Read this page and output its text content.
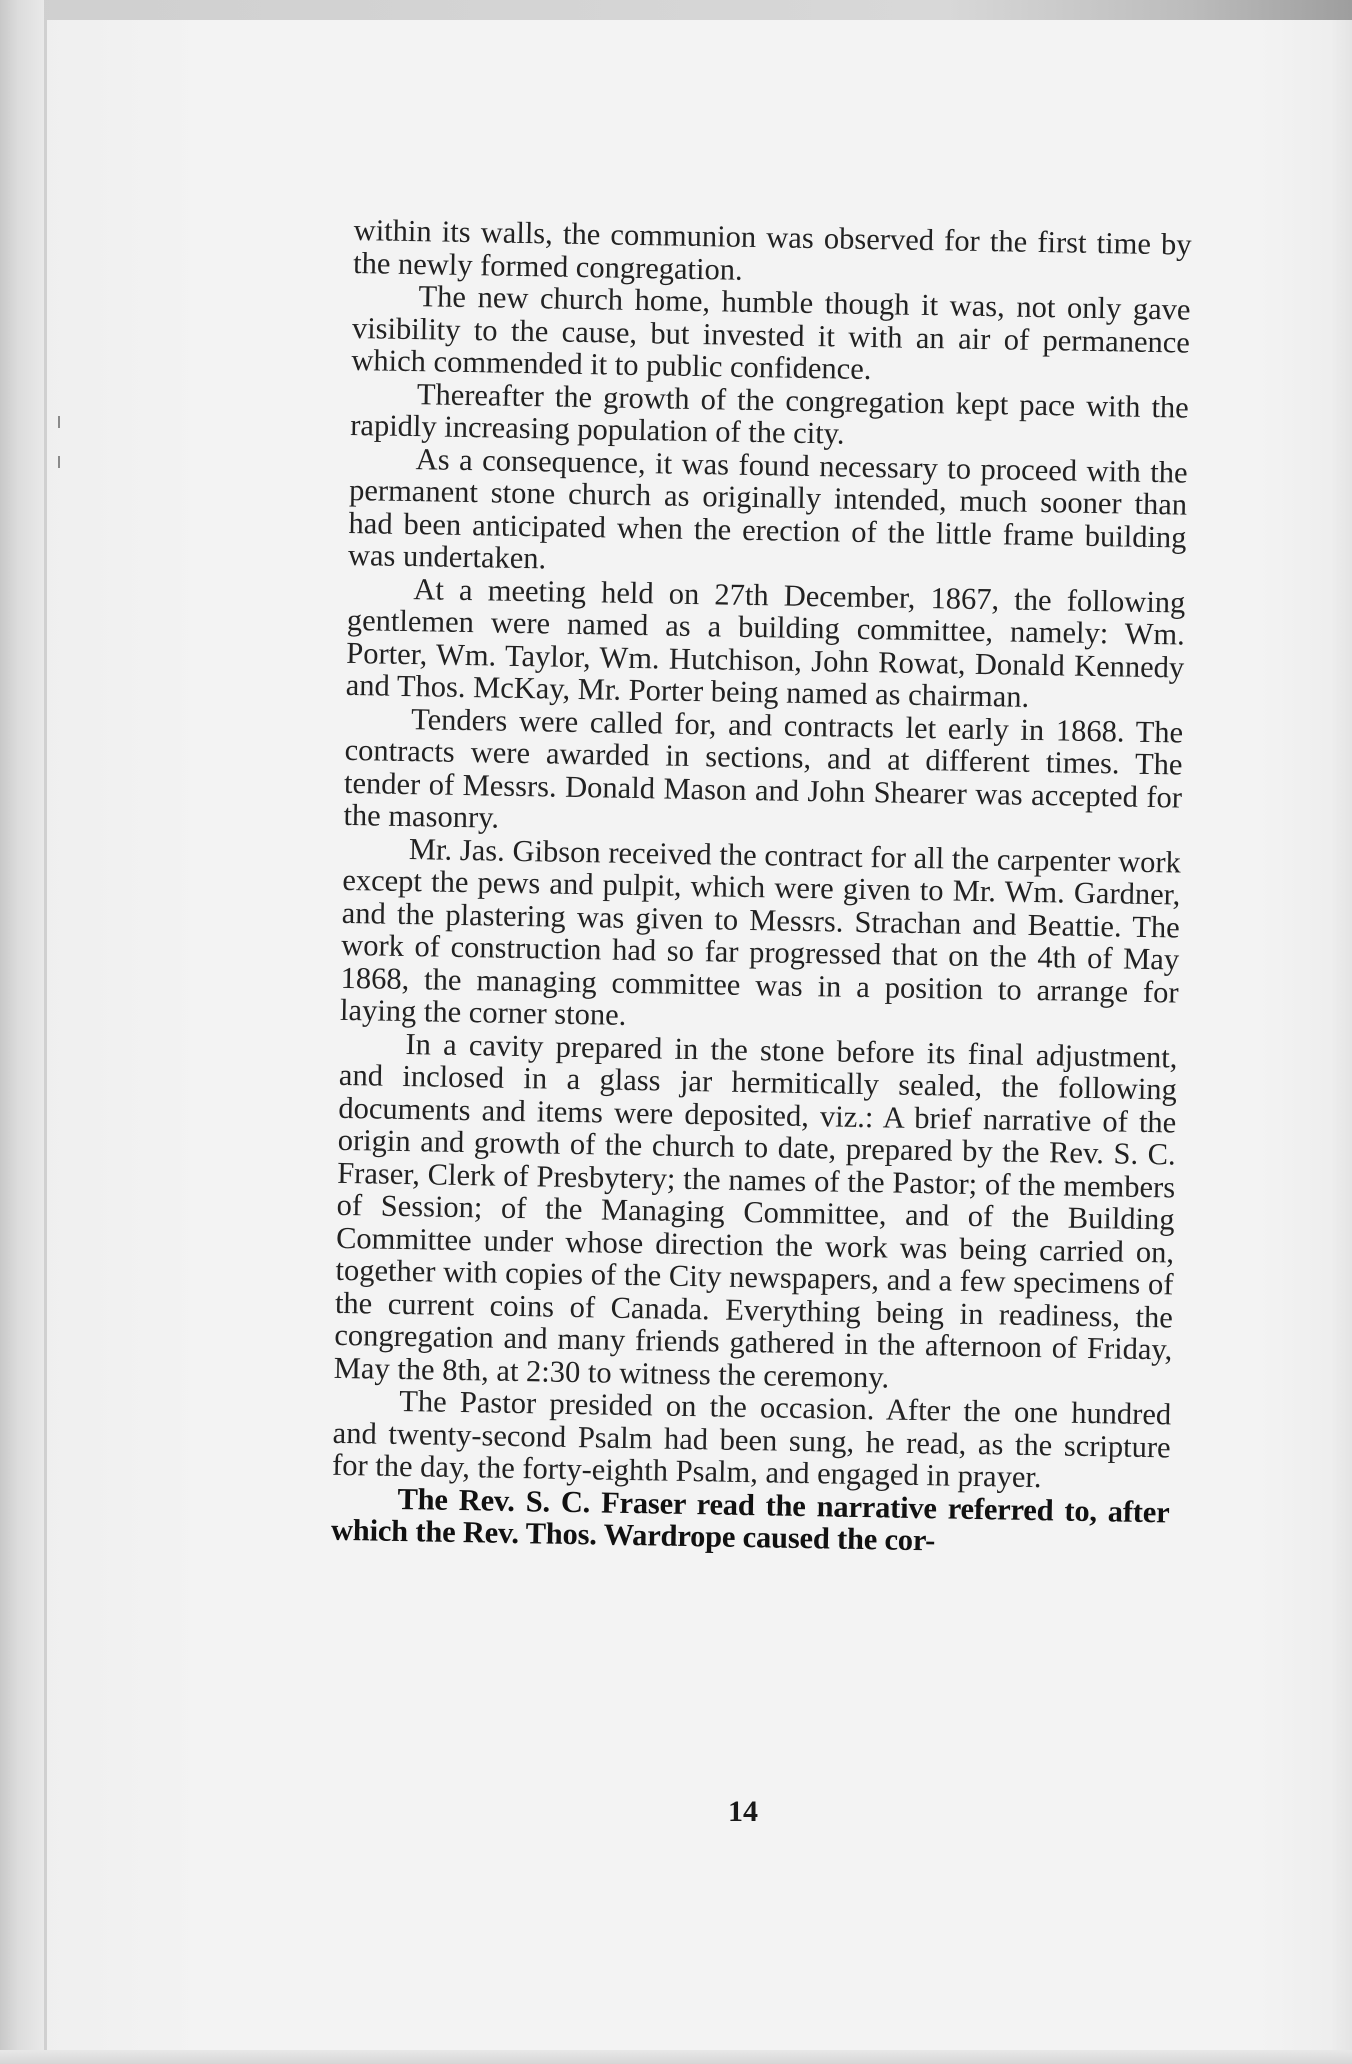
within its walls, the communion was observed for the first time by the newly formed congregation.

The new church home, humble though it was, not only gave visibility to the cause, but invested it with an air of permanence which commended it to public confidence.

Thereafter the growth of the congregation kept pace with the rapidly increasing population of the city.

As a consequence, it was found necessary to proceed with the permanent stone church as originally intended, much sooner than had been anticipated when the erection of the little frame building was undertaken.

At a meeting held on 27th December, 1867, the following gentlemen were named as a building committee, namely: Wm. Porter, Wm. Taylor, Wm. Hutchison, John Rowat, Donald Kennedy and Thos. McKay, Mr. Porter being named as chairman.

Tenders were called for, and contracts let early in 1868. The contracts were awarded in sections, and at different times. The tender of Messrs. Donald Mason and John Shearer was accepted for the masonry.

Mr. Jas. Gibson received the contract for all the carpenter work except the pews and pulpit, which were given to Mr. Wm. Gardner, and the plastering was given to Messrs. Strachan and Beattie. The work of construction had so far progressed that on the 4th of May 1868, the managing committee was in a position to arrange for laying the corner stone.

In a cavity prepared in the stone before its final adjustment, and inclosed in a glass jar hermitically sealed, the following documents and items were deposited, viz.: A brief narrative of the origin and growth of the church to date, prepared by the Rev. S. C. Fraser, Clerk of Presbytery; the names of the Pastor; of the members of Session; of the Managing Committee, and of the Building Committee under whose direction the work was being carried on, together with copies of the City newspapers, and a few specimens of the current coins of Canada. Everything being in readiness, the congregation and many friends gathered in the afternoon of Friday, May the 8th, at 2:30 to witness the ceremony.

The Pastor presided on the occasion. After the one hundred and twenty-second Psalm had been sung, he read, as the scripture for the day, the forty-eighth Psalm, and engaged in prayer.

The Rev. S. C. Fraser read the narrative referred to, after which the Rev. Thos. Wardrope caused the cor-

14
